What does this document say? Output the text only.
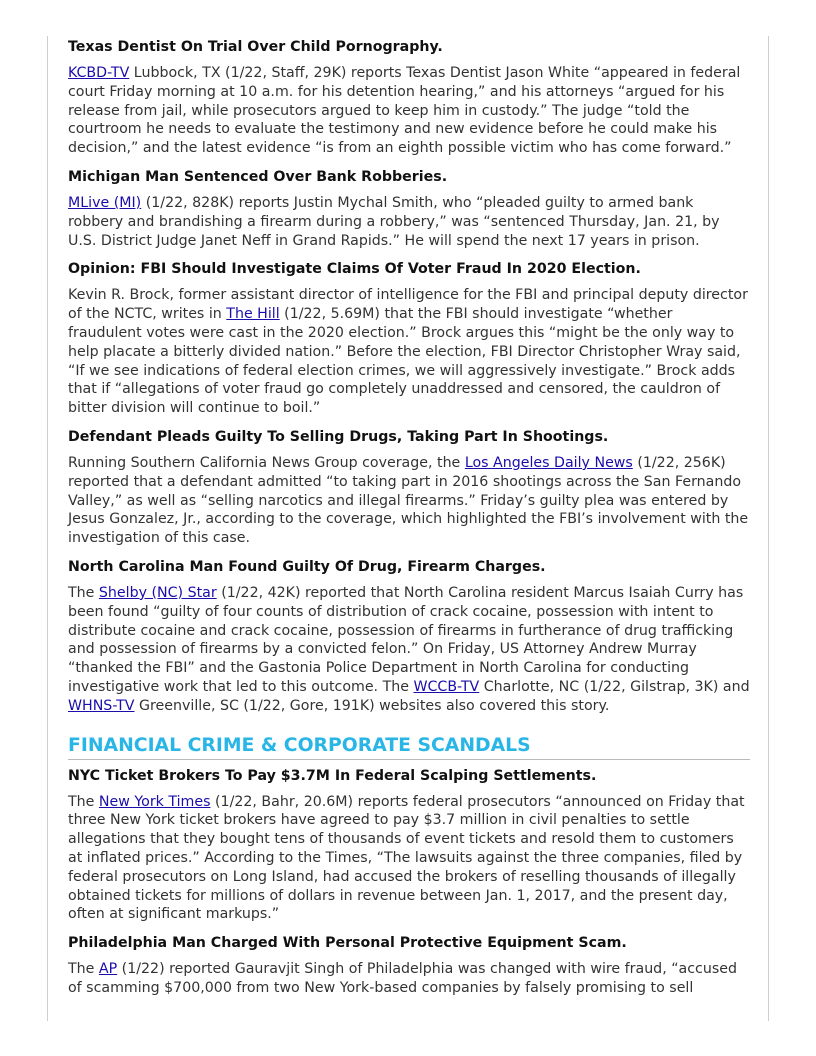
Texas Dentist On Trial Over Child Pornography.

KCBD-TV Lubbock, TX (1/22, Staff, 29K) reports Texas Dentist Jason White “appeared in federal court Friday morning at 10 a.m. for his detention hearing,” and his attorneys “argued for his release from jail, while prosecutors argued to keep him in custody.” The judge “told the courtroom he needs to evaluate the testimony and new evidence before he could make his decision,” and the latest evidence “is from an eighth possible victim who has come forward.”

Michigan Man Sentenced Over Bank Robberies.

MLive (MI) (1/22, 828K) reports Justin Mychal Smith, who “pleaded guilty to armed bank robbery and brandishing a firearm during a robbery,” was “sentenced Thursday, Jan. 21, by U.S. District Judge Janet Neff in Grand Rapids.” He will spend the next 17 years in prison.

Opinion: FBI Should Investigate Claims Of Voter Fraud In 2020 Election.

Kevin R. Brock, former assistant director of intelligence for the FBI and principal deputy director of the NCTC, writes in The Hill (1/22, 5.69M) that the FBI should investigate “whether fraudulent votes were cast in the 2020 election.” Brock argues this “might be the only way to help placate a bitterly divided nation.” Before the election, FBI Director Christopher Wray said, “If we see indications of federal election crimes, we will aggressively investigate.” Brock adds that if “allegations of voter fraud go completely unaddressed and censored, the cauldron of bitter division will continue to boil.”

Defendant Pleads Guilty To Selling Drugs, Taking Part In Shootings.

Running Southern California News Group coverage, the Los Angeles Daily News (1/22, 256K) reported that a defendant admitted “to taking part in 2016 shootings across the San Fernando Valley,” as well as “selling narcotics and illegal firearms.” Friday’s guilty plea was entered by Jesus Gonzalez, Jr., according to the coverage, which highlighted the FBI’s involvement with the investigation of this case.

North Carolina Man Found Guilty Of Drug, Firearm Charges.

The Shelby (NC) Star (1/22, 42K) reported that North Carolina resident Marcus Isaiah Curry has been found “guilty of four counts of distribution of crack cocaine, possession with intent to distribute cocaine and crack cocaine, possession of firearms in furtherance of drug trafficking and possession of firearms by a convicted felon.” On Friday, US Attorney Andrew Murray “thanked the FBI” and the Gastonia Police Department in North Carolina for conducting investigative work that led to this outcome. The WCCB-TV Charlotte, NC (1/22, Gilstrap, 3K) and WHNS-TV Greenville, SC (1/22, Gore, 191K) websites also covered this story.

FINANCIAL CRIME & CORPORATE SCANDALS
NYC Ticket Brokers To Pay $3.7M In Federal Scalping Settlements.

The New York Times (1/22, Bahr, 20.6M) reports federal prosecutors “announced on Friday that three New York ticket brokers have agreed to pay $3.7 million in civil penalties to settle allegations that they bought tens of thousands of event tickets and resold them to customers at inflated prices.” According to the Times, “The lawsuits against the three companies, filed by federal prosecutors on Long Island, had accused the brokers of reselling thousands of illegally obtained tickets for millions of dollars in revenue between Jan. 1, 2017, and the present day, often at significant markups.”

Philadelphia Man Charged With Personal Protective Equipment Scam.

The AP (1/22) reported Gauravjit Singh of Philadelphia was changed with wire fraud, “accused of scamming $700,000 from two New York-based companies by falsely promising to sell
